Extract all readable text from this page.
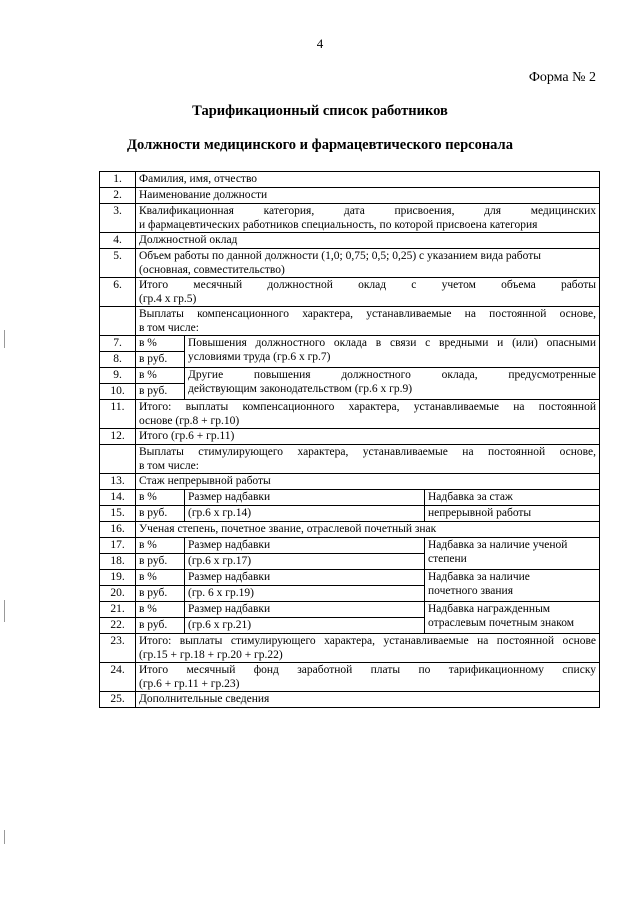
4
Форма № 2
Тарификационный список работников
Должности медицинского и фармацевтического персонала
1.	Фамилия, имя, отчество		
2.	Наименование должности		
3.	Квалификационная категория, дата присвоения, для медицинских
и фармацевтических работников специальность, по которой присвоена категория		

4.	Должностной оклад		
5.	Объем работы по данной должности (1,0; 0,75; 0,5; 0,25) с указанием вида работы
(основная, совместительство)		

6.	Итого месячный должностной оклад с учетом объема работы
(гр.4 х гр.5)		

	Выплаты компенсационного характера, устанавливаемые на постоянной основе,
в том числе:		

7.	в %	Повышения должностного оклада в связи с вредными и (или) опасными
условиями труда (гр.6 х гр.7)	

8.	в руб.		
9.	в %	Другие повышения должностного оклада, предусмотренные
действующим законодательством (гр.6 х гр.9)	

10.	в руб.		
11.	Итого: выплаты компенсационного характера, устанавливаемые на постоянной
основе (гр.8 + гр.10)		

12.	Итого (гр.6 + гр.11)		

	Выплаты стимулирующего характера, устанавливаемые на постоянной основе,
в том числе:		

13.	Стаж непрерывной работы		
14.	в %	Размер надбавки	Надбавка за стаж
15.	в руб.	(гр.6 х гр.14)	непрерывной работы
16.	Ученая степень, почетное звание, отраслевой почетный знак		
17.	в %	Размер надбавки	Надбавка за наличие ученой
степени

18.	в руб.	(гр.6 х гр.17)	
19.	в %	Размер надбавки	Надбавка за наличие
почетного звания

20.	в руб.	(гр. 6 х гр.19)	
21.	в %	Размер надбавки	Надбавка награжденным
отраслевым почетным знаком

22.	в руб.	(гр.6 х гр.21)	
23.	Итого: выплаты стимулирующего характера, устанавливаемые на постоянной основе
(гр.15 + гр.18 + гр.20 + гр.22)		

24.	Итого месячный фонд заработной платы по тарификационному списку
(гр.6 + гр.11 + гр.23)		

25.	Дополнительные сведения		
